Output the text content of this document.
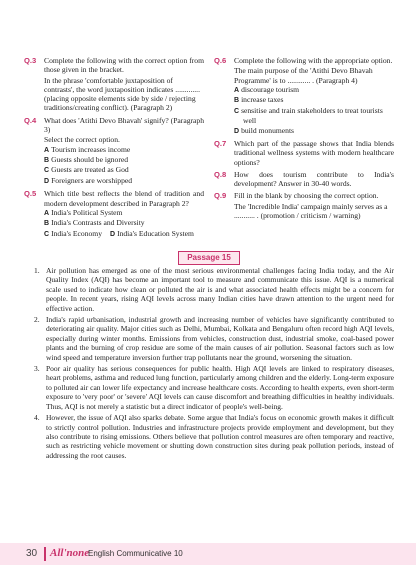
Q.3 Complete the following with the correct option from those given in the bracket.
In the phrase 'comfortable juxtaposition of contrasts', the word juxtaposition indicates ............. (placing opposite elements side by side / rejecting traditions/creating conflict). (Paragraph 2)
Q.4 What does 'Atithi Devo Bhavah' signify? (Paragraph 3)
Select the correct option.
A Tourism increases income
B Guests should be ignored
C Guests are treated as God
D Foreigners are worshipped
Q.5 Which title best reflects the blend of tradition and modern development described in Paragraph 2?
A India's Political System
B India's Contrasts and Diversity
C India's Economy D India's Education System
Q.6 Complete the following with the appropriate option.
The main purpose of the 'Atithi Devo Bhavah Programme' is to ............ . (Paragraph 4)
A discourage tourism
B increase taxes
C sensitise and train stakeholders to treat tourists well
D build monuments
Q.7 Which part of the passage shows that India blends traditional wellness systems with modern healthcare options?
Q.8 How does tourism contribute to India's development? Answer in 30-40 words.
Q.9 Fill in the blank by choosing the correct option.
The 'Incredible India' campaign mainly serves as a ........... . (promotion / criticism / warning)
Passage 15
1. Air pollution has emerged as one of the most serious environmental challenges facing India today, and the Air Quality Index (AQI) has become an important tool to measure and communicate this issue. AQI is a numerical scale used to indicate how clean or polluted the air is and what associated health effects might be a concern for people. In recent years, rising AQI levels across many Indian cities have drawn attention to the urgent need for effective action.
2. India's rapid urbanisation, industrial growth and increasing number of vehicles have significantly contributed to deteriorating air quality. Major cities such as Delhi, Mumbai, Kolkata and Bengaluru often record high AQI levels, especially during winter months. Emissions from vehicles, construction dust, industrial smoke, coal-based power plants and the burning of crop residue are some of the main causes of air pollution. Seasonal factors such as low wind speed and temperature inversion further trap pollutants near the ground, worsening the situation.
3. Poor air quality has serious consequences for public health. High AQI levels are linked to respiratory diseases, heart problems, asthma and reduced lung function, particularly among children and the elderly. Long-term exposure to polluted air can lower life expectancy and increase healthcare costs. According to health experts, even short-term exposure to 'very poor' or 'severe' AQI levels can cause discomfort and breathing difficulties in healthy individuals. Thus, AQI is not merely a statistic but a direct indicator of people's well-being.
4. However, the issue of AQI also sparks debate. Some argue that India's focus on economic growth makes it difficult to strictly control pollution. Industries and infrastructure projects provide employment and development, but they also contribute to rising emissions. Others believe that pollution control measures are often temporary and reactive, such as restricting vehicle movement or shutting down construction sites during peak pollution periods, instead of addressing the root causes.
30 All'none
English Communicative 10
